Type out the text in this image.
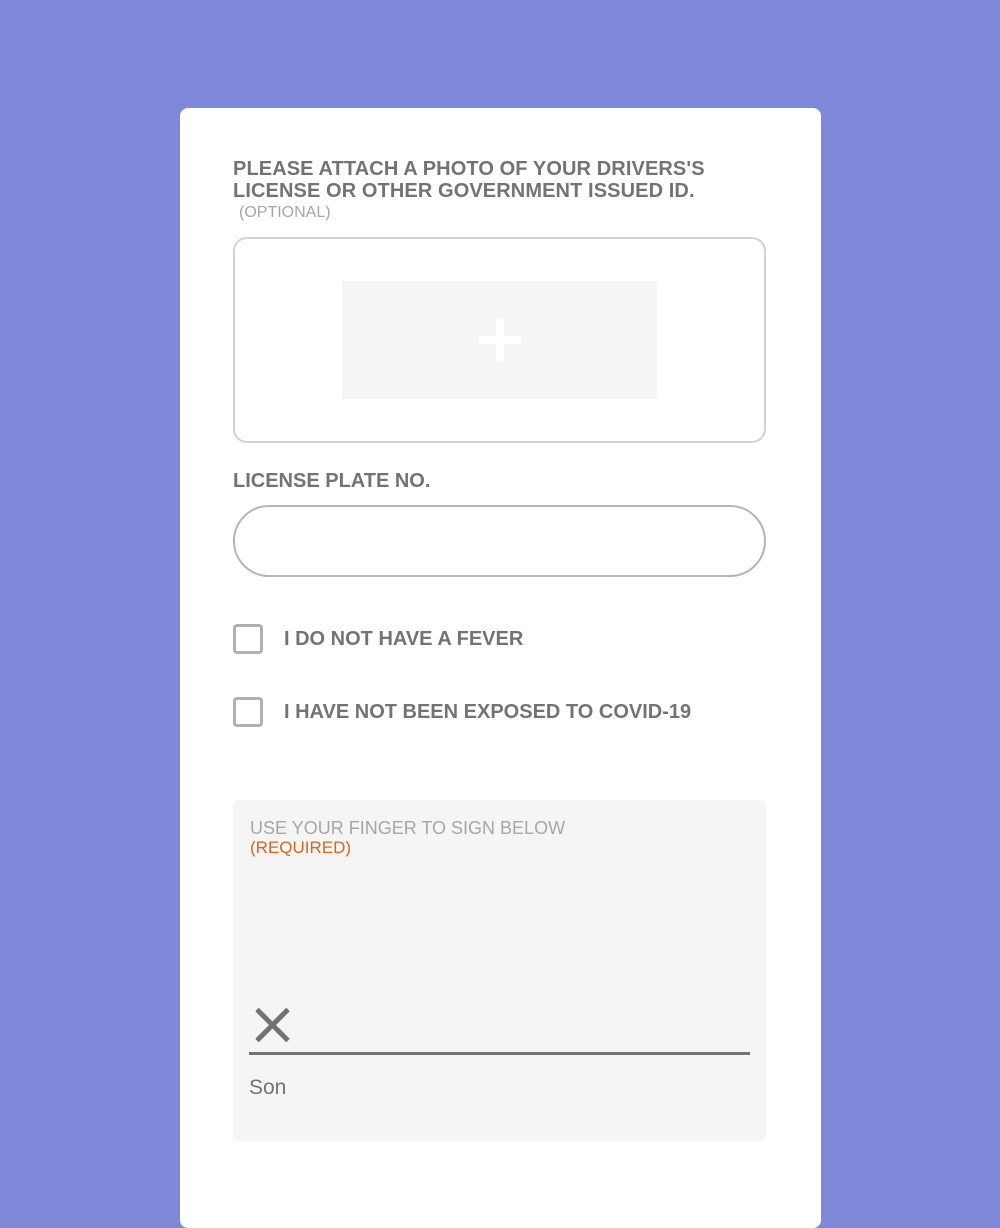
PLEASE ATTACH A PHOTO OF YOUR DRIVERS'S LICENSE OR OTHER GOVERNMENT ISSUED ID.
(OPTIONAL)
LICENSE PLATE NO.
I DO NOT HAVE A FEVER
I HAVE NOT BEEN EXPOSED TO COVID-19
USE YOUR FINGER TO SIGN BELOW
(REQUIRED)
Son
